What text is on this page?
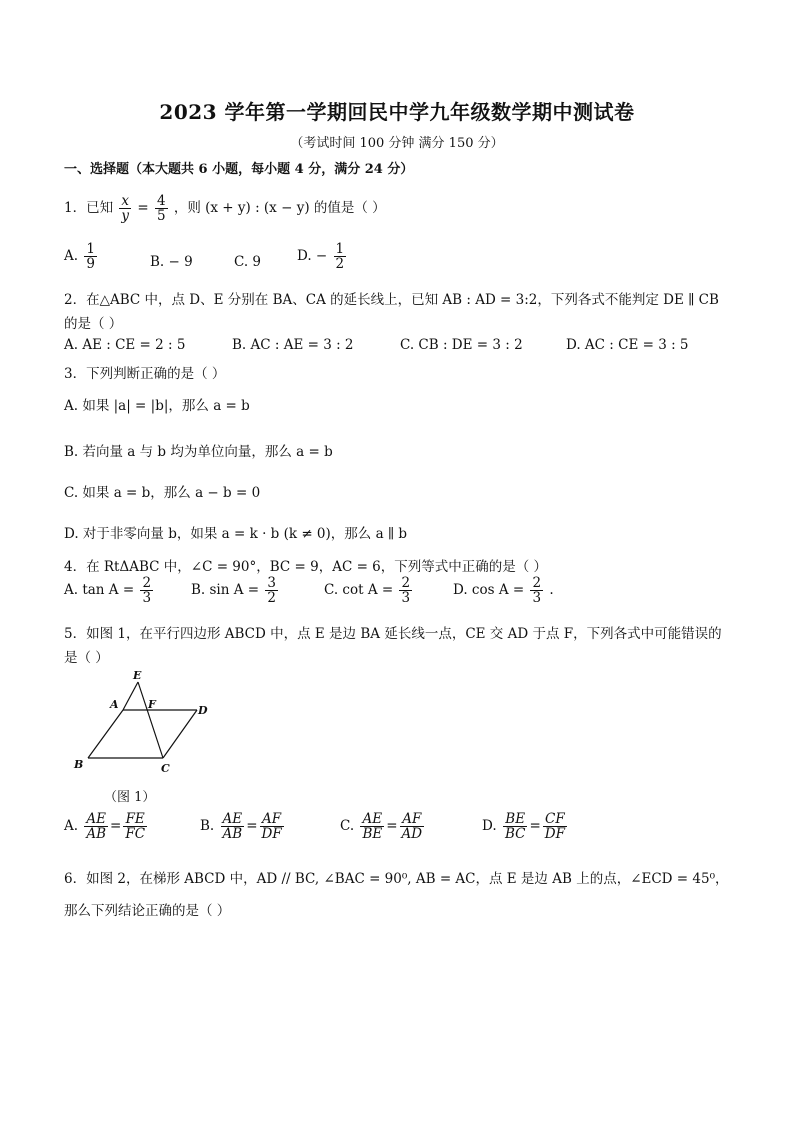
2023 学年第一学期回民中学九年级数学期中测试卷
（考试时间 100 分钟 满分 150 分）
一、选择题（本大题共 6 小题，每小题 4 分，满分 24 分）
1．已知 $\frac{x}{y} = \frac{4}{5}$ ，则 (x + y) : (x − y) 的值是（ ）
A. $\frac{1}{9}$	B. − 9	C. 9	D. − $\frac{1}{2}$
2．在△ABC 中，点 D、E 分别在 BA、CA 的延长线上，已知 AB : AD = 3:2，下列各式不能判定 DE ∥ CB
的是（ ）
A. AE : CE = 2 : 5	B. AC : AE = 3 : 2	C. CB : DE = 3 : 2	D. AC : CE = 3 : 5
3．下列判断正确的是（ ）
A. 如果 |a| = |b|，那么 a = b
B. 若向量 a 与 b 均为单位向量，那么 a = b
C. 如果 a = b，那么 a − b = 0
D. 对于非零向量 b，如果 a = k · b (k ≠ 0)，那么 a ∥ b
4．在 RtΔABC 中，∠C = 90°，BC = 9，AC = 6，下列等式中正确的是（ ）
A. $\tan A = \frac{2}{3}$	B. $\sin A = \frac{3}{2}$	C. $\cot A = \frac{2}{3}$	D. $\cos A = \frac{2}{3}$ .
5．如图 1，在平行四边形 ABCD 中，点 E 是边 BA 延长线一点，CE 交 AD 于点 F，下列各式中可能错误的
是（ ）
E
A	F	D
B	C
（图 1）
A. $\frac{AE}{AB} = \frac{FE}{FC}$	B. $\frac{AE}{AB} = \frac{AF}{DF}$	C. $\frac{AE}{BE} = \frac{AF}{AD}$	D. $\frac{BE}{BC} = \frac{CF}{DF}$
6．如图 2，在梯形 ABCD 中，AD // BC, ∠BAC = 90⁰, AB = AC，点 E 是边 AB 上的点，∠ECD = 45⁰，
那么下列结论正确的是（ ）
